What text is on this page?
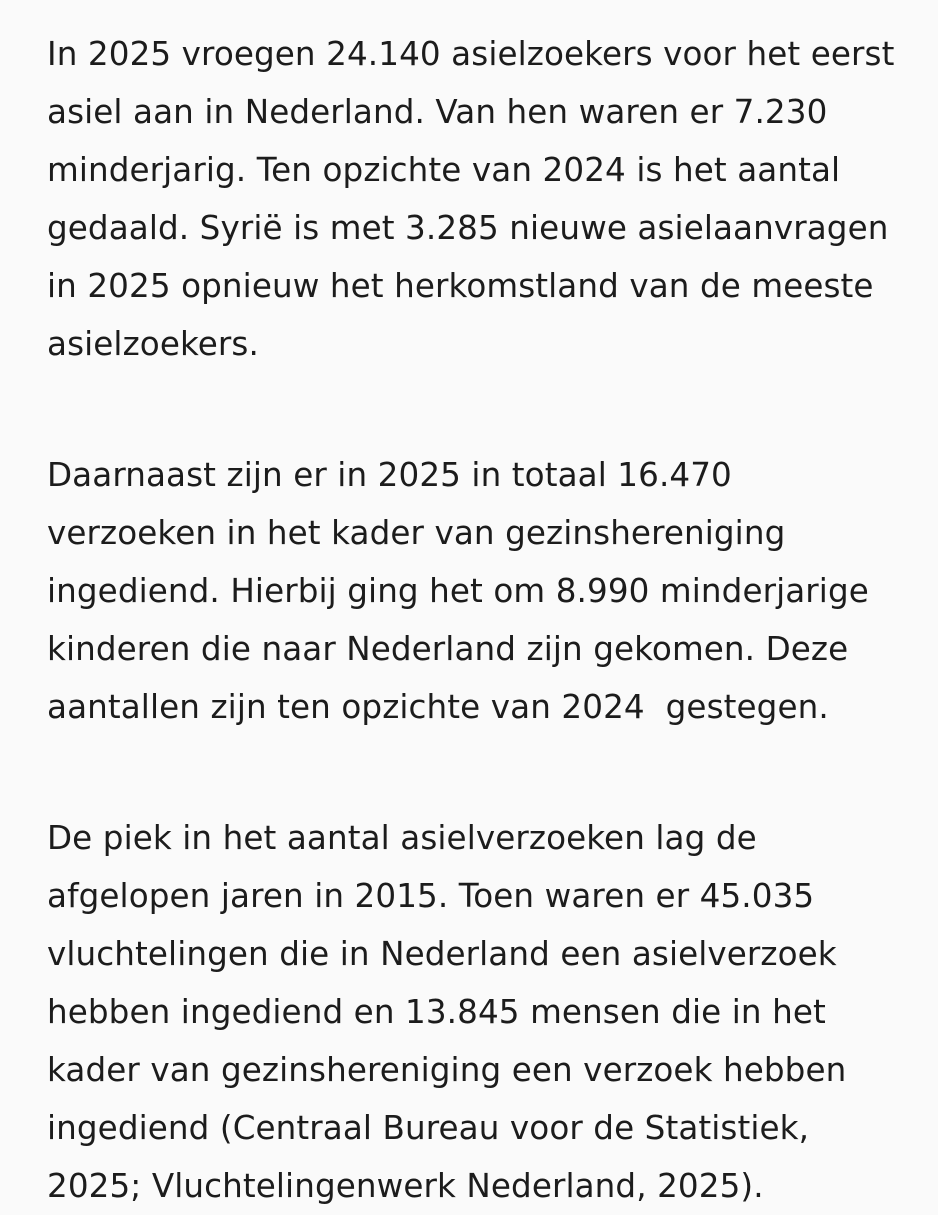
In 2025 vroegen 24.140 asielzoekers voor het eerst
asiel aan in Nederland. Van hen waren er 7.230
minderjarig. Ten opzichte van 2024 is het aantal
gedaald. Syrië is met 3.285 nieuwe asielaanvragen
in 2025 opnieuw het herkomstland van de meeste
asielzoekers.

Daarnaast zijn er in 2025 in totaal 16.470
verzoeken in het kader van gezinshereniging
ingediend. Hierbij ging het om 8.990 minderjarige
kinderen die naar Nederland zijn gekomen. Deze
aantallen zijn ten opzichte van 2024  gestegen.

De piek in het aantal asielverzoeken lag de
afgelopen jaren in 2015. Toen waren er 45.035
vluchtelingen die in Nederland een asielverzoek
hebben ingediend en 13.845 mensen die in het
kader van gezinshereniging een verzoek hebben
ingediend (Centraal Bureau voor de Statistiek,
2025; Vluchtelingenwerk Nederland, 2025).
